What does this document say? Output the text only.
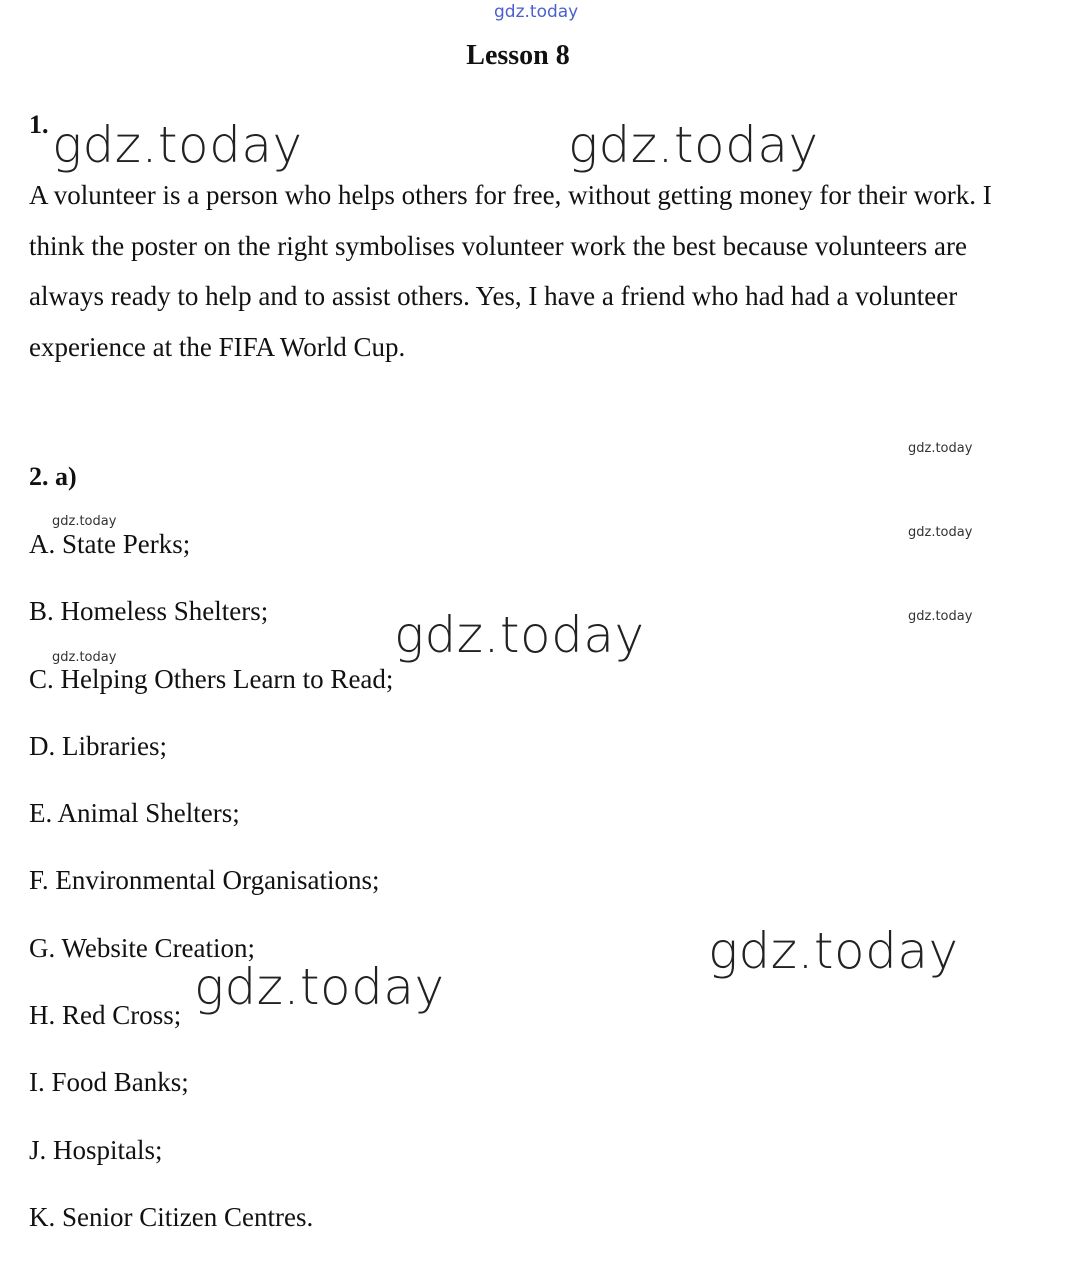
gdz.today
Lesson 8
1.
A volunteer is a person who helps others for free, without getting money for their work. I think the poster on the right symbolises volunteer work the best because volunteers are always ready to help and to assist others. Yes, I have a friend who had had a volunteer experience at the FIFA World Cup.
2. a)
A. State Perks;
B. Homeless Shelters;
C. Helping Others Learn to Read;
D. Libraries;
E. Animal Shelters;
F. Environmental Organisations;
G. Website Creation;
H. Red Cross;
I. Food Banks;
J. Hospitals;
K. Senior Citizen Centres.
gdz.today	gdz.today
gdz.today
gdz.today
gdz.today
gdz.today
gdz.today
gdz.today
gdz.today
gdz.today
